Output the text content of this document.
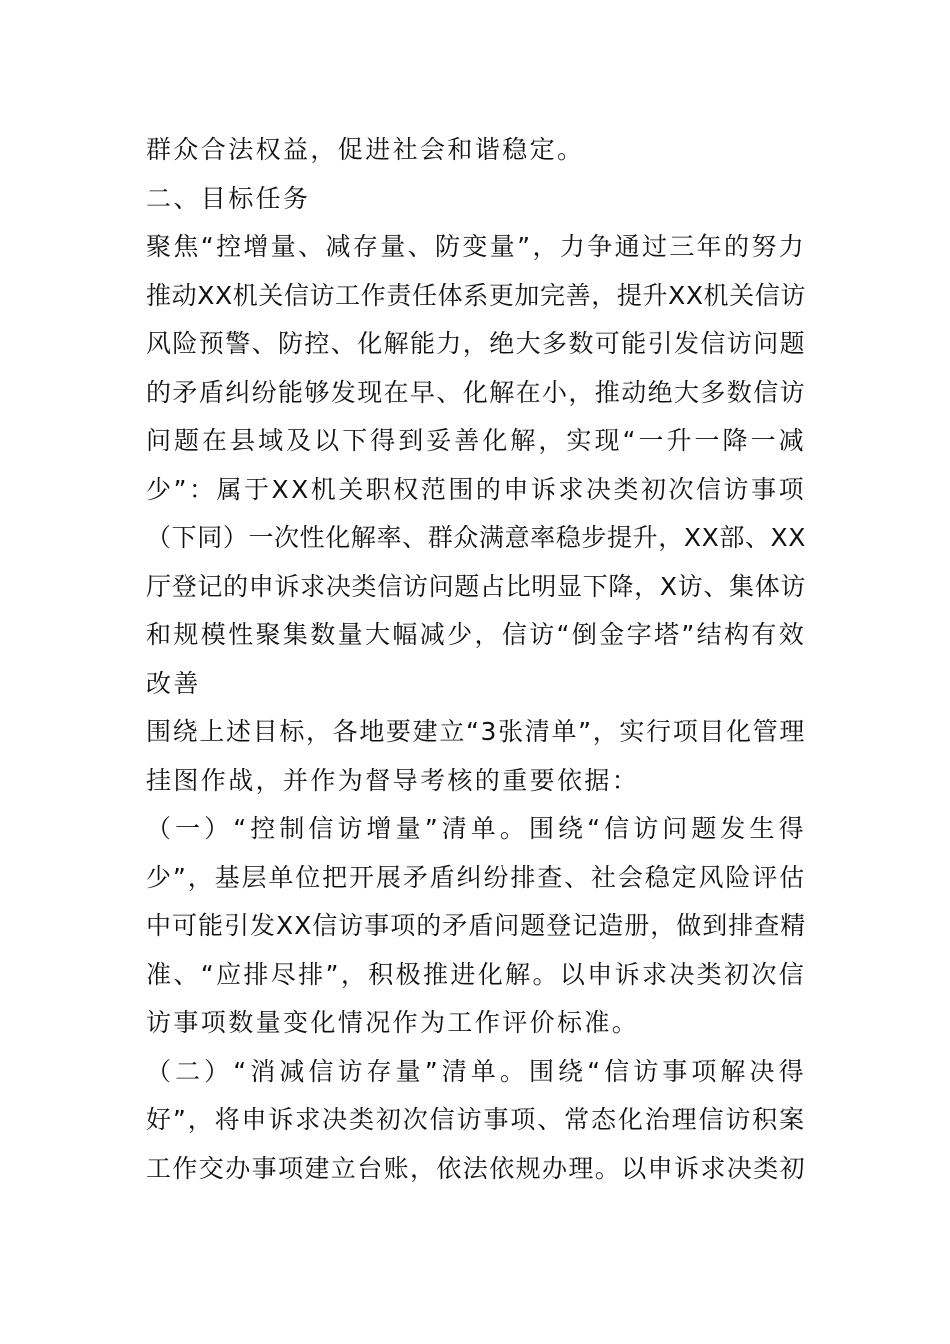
群众合法权益，促进社会和谐稳定。
二、目标任务
聚焦“控增量、减存量、防变量”，力争通过三年的努力
推动XX机关信访工作责任体系更加完善，提升XX机关信访
风险预警、防控、化解能力，绝大多数可能引发信访问题
的矛盾纠纷能够发现在早、化解在小，推动绝大多数信访
问题在县域及以下得到妥善化解，实现“一升一降一减
少”：属于XX机关职权范围的申诉求决类初次信访事项
（下同）一次性化解率、群众满意率稳步提升，XX部、XX
厅登记的申诉求决类信访问题占比明显下降，X访、集体访
和规模性聚集数量大幅减少，信访“倒金字塔”结构有效
改善
围绕上述目标，各地要建立“3张清单”，实行项目化管理
挂图作战，并作为督导考核的重要依据：
（一）“控制信访增量”清单。围绕“信访问题发生得
少”，基层单位把开展矛盾纠纷排查、社会稳定风险评估
中可能引发XX信访事项的矛盾问题登记造册，做到排查精
准、“应排尽排”，积极推进化解。以申诉求决类初次信
访事项数量变化情况作为工作评价标准。
（二）“消减信访存量”清单。围绕“信访事项解决得
好”，将申诉求决类初次信访事项、常态化治理信访积案
工作交办事项建立台账，依法依规办理。以申诉求决类初
